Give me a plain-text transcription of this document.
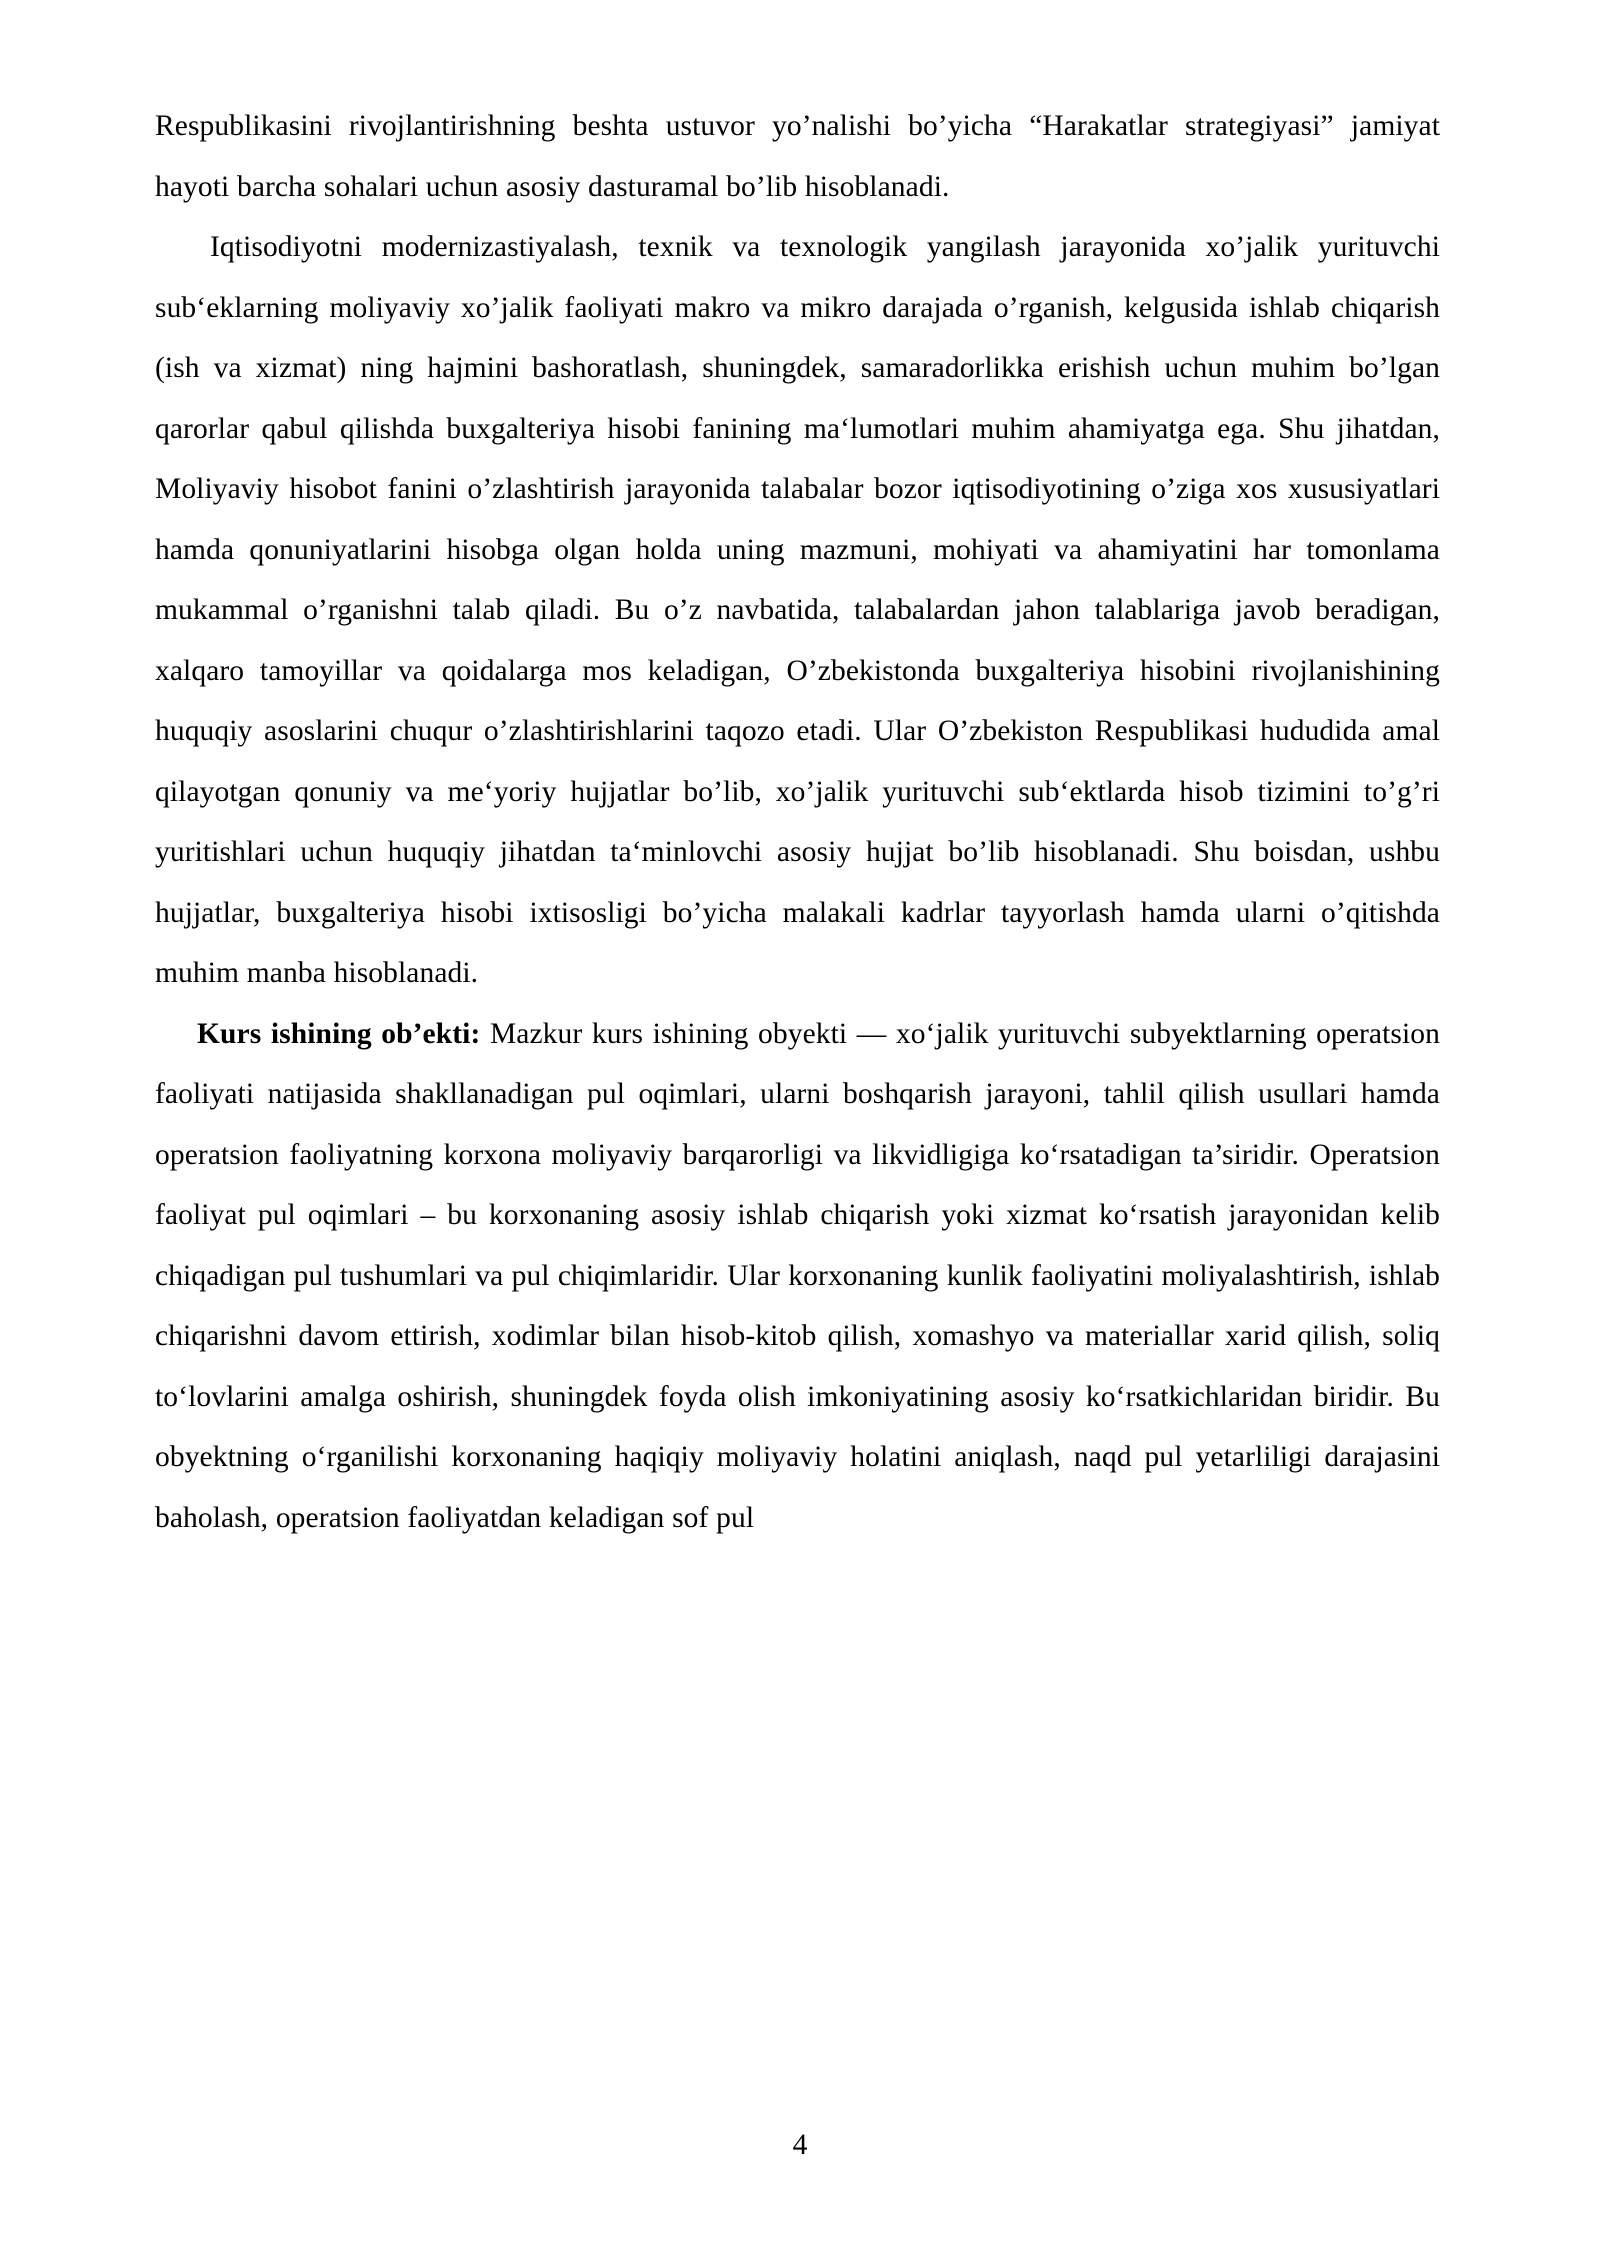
Respublikasini rivojlantirishning beshta ustuvor yo’nalishi bo’yicha “Harakatlar strategiyasi” jamiyat hayoti barcha sohalari uchun asosiy dasturamal bo’lib hisoblanadi.

Iqtisodiyotni modernizastiyalash, texnik va texnologik yangilash jarayonida xo’jalik yurituvchi sub‘eklarning moliyaviy xo’jalik faoliyati makro va mikro darajada o’rganish, kelgusida ishlab chiqarish (ish va xizmat) ning hajmini bashoratlash, shuningdek, samaradorlikka erishish uchun muhim bo’lgan qarorlar qabul qilishda buxgalteriya hisobi fanining ma‘lumotlari muhim ahamiyatga ega. Shu jihatdan, Moliyaviy hisobot fanini o’zlashtirish jarayonida talabalar bozor iqtisodiyotining o’ziga xos xususiyatlari hamda qonuniyatlarini hisobga olgan holda uning mazmuni, mohiyati va ahamiyatini har tomonlama mukammal o’rganishni talab qiladi. Bu o’z navbatida, talabalardan jahon talablariga javob beradigan, xalqaro tamoyillar va qoidalarga mos keladigan, O’zbekistonda buxgalteriya hisobini rivojlanishining huquqiy asoslarini chuqur o’zlashtirishlarini taqozo etadi. Ular O’zbekiston Respublikasi hududida amal qilayotgan qonuniy va me‘yoriy hujjatlar bo’lib, xo’jalik yurituvchi sub‘ektlarda hisob tizimini to’g’ri yuritishlari uchun huquqiy jihatdan ta‘minlovchi asosiy hujjat bo’lib hisoblanadi. Shu boisdan, ushbu hujjatlar, buxgalteriya hisobi ixtisosligi bo’yicha malakali kadrlar tayyorlash hamda ularni o’qitishda muhim manba hisoblanadi.

Kurs ishining ob’ekti: Mazkur kurs ishining obyekti — xo‘jalik yurituvchi subyektlarning operatsion faoliyati natijasida shakllanadigan pul oqimlari, ularni boshqarish jarayoni, tahlil qilish usullari hamda operatsion faoliyatning korxona moliyaviy barqarorligi va likvidligiga ko‘rsatadigan ta’siridir. Operatsion faoliyat pul oqimlari – bu korxonaning asosiy ishlab chiqarish yoki xizmat ko‘rsatish jarayonidan kelib chiqadigan pul tushumlari va pul chiqimlaridir. Ular korxonaning kunlik faoliyatini moliyalashtirish, ishlab chiqarishni davom ettirish, xodimlar bilan hisob-kitob qilish, xomashyo va materiallar xarid qilish, soliq to‘lovlarini amalga oshirish, shuningdek foyda olish imkoniyatining asosiy ko‘rsatkichlaridan biridir. Bu obyektning o‘rganilishi korxonaning haqiqiy moliyaviy holatini aniqlash, naqd pul yetarliligi darajasini baholash, operatsion faoliyatdan keladigan sof pul

4
